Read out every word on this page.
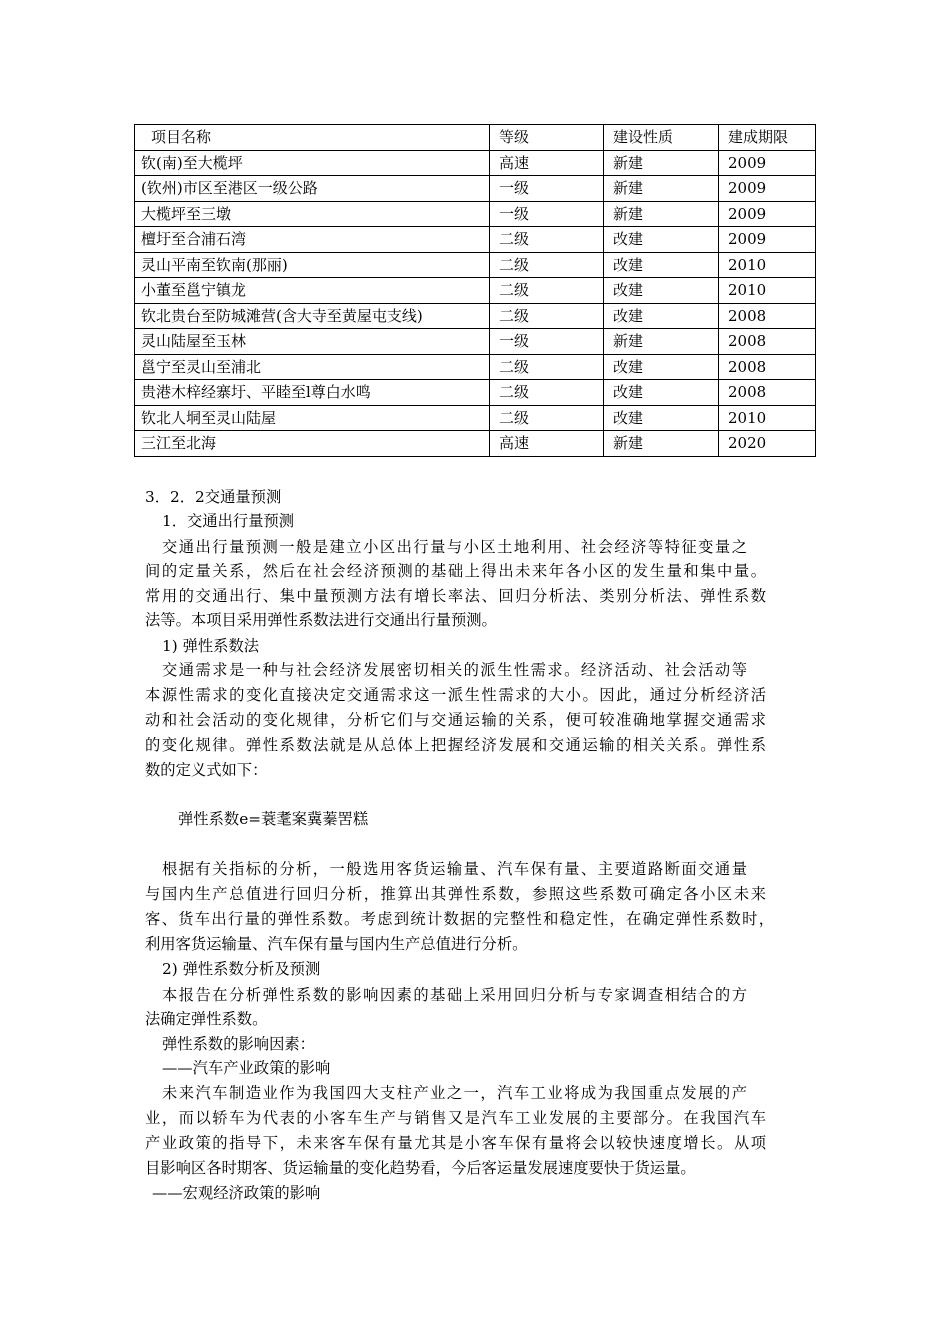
项目名称	等级	建设性质	建成期限
钦(南)至大榄坪	高速	新建	2009
(钦州)市区至港区一级公路	一级	新建	2009
大榄坪至三墩	一级	新建	2009
檀圩至合浦石湾	二级	改建	2009
灵山平南至钦南(那丽)	二级	改建	2010
小董至邕宁镇龙	二级	改建	2010
钦北贵台至防城滩营(含大寺至黄屋屯支线)	二级	改建	2008
灵山陆屋至玉林	一级	新建	2008
邕宁至灵山至浦北	二级	改建	2008
贵港木梓经寨圩、平睦至l尊白水鸣	二级	改建	2008
钦北人垌至灵山陆屋	二级	改建	2010
三江至北海	高速	新建	2020
3．2．2交通量预测
1．交通出行量预测
交通出行量预测一般是建立小区出行量与小区土地利用、社会经济等特征变量之
间的定量关系，然后在社会经济预测的基础上得出未来年各小区的发生量和集中量。
常用的交通出行、集中量预测方法有增长率法、回归分析法、类别分析法、弹性系数
法等。本项目采用弹性系数法进行交通出行量预测。
1) 弹性系数法
交通需求是一种与社会经济发展密切相关的派生性需求。经济活动、社会活动等
本源性需求的变化直接决定交通需求这一派生性需求的大小。因此，通过分析经济活
动和社会活动的变化规律，分析它们与交通运输的关系，便可较准确地掌握交通需求
的变化规律。弹性系数法就是从总体上把握经济发展和交通运输的相关关系。弹性系
数的定义式如下：
弹性系数e=蓑耄案冀蓁罟糕
根据有关指标的分析，一般选用客货运输量、汽车保有量、主要道路断面交通量
与国内生产总值进行回归分析，推算出其弹性系数，参照这些系数可确定各小区未来
客、货车出行量的弹性系数。考虑到统计数据的完整性和稳定性，在确定弹性系数时，
利用客货运输量、汽车保有量与国内生产总值进行分析。
2) 弹性系数分析及预测
本报告在分析弹性系数的影响因素的基础上采用回归分析与专家调查相结合的方
法确定弹性系数。
弹性系数的影响因素：
——汽车产业政策的影响
未来汽车制造业作为我国四大支柱产业之一，汽车工业将成为我国重点发展的产
业，而以轿车为代表的小客车生产与销售又是汽车工业发展的主要部分。在我国汽车
产业政策的指导下，未来客车保有量尤其是小客车保有量将会以较快速度增长。从项
目影响区各时期客、货运输量的变化趋势看，今后客运量发展速度要快于货运量。
——宏观经济政策的影响
